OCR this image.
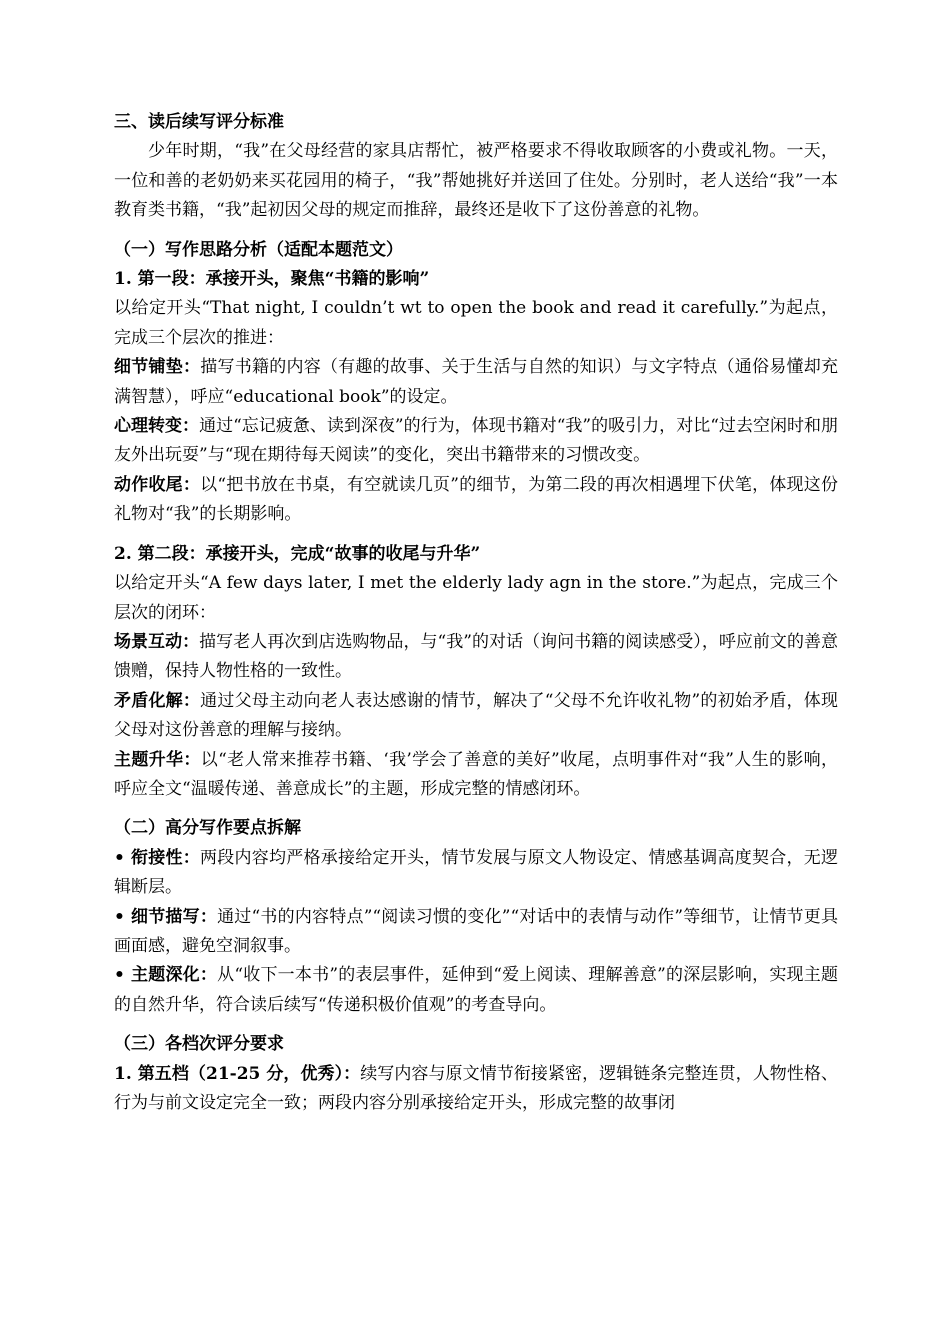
三、读后续写评分标准

少年时期，“我”在父母经营的家具店帮忙，被严格要求不得收取顾客的小费或礼物。一天，一位和善的老奶奶来买花园用的椅子，“我”帮她挑好并送回了住处。分别时，老人送给“我”一本教育类书籍，“我”起初因父母的规定而推辞，最终还是收下了这份善意的礼物。

（一）写作思路分析（适配本题范文）

1. 第一段：承接开头，聚焦“书籍的影响”

以给定开头“That night, I couldn’t wt to open the book and read it carefully.”为起点，完成三个层次的推进：

细节铺垫：描写书籍的内容（有趣的故事、关于生活与自然的知识）与文字特点（通俗易懂却充满智慧），呼应“educational book”的设定。

心理转变：通过“忘记疲惫、读到深夜”的行为，体现书籍对“我”的吸引力，对比“过去空闲时和朋友外出玩耍”与“现在期待每天阅读”的变化，突出书籍带来的习惯改变。

动作收尾：以“把书放在书桌，有空就读几页”的细节，为第二段的再次相遇埋下伏笔，体现这份礼物对“我”的长期影响。

2. 第二段：承接开头，完成“故事的收尾与升华”

以给定开头“A few days later, I met the elderly lady agn in the store.”为起点，完成三个层次的闭环：

场景互动：描写老人再次到店选购物品，与“我”的对话（询问书籍的阅读感受），呼应前文的善意馈赠，保持人物性格的一致性。

矛盾化解：通过父母主动向老人表达感谢的情节，解决了“父母不允许收礼物”的初始矛盾，体现父母对这份善意的理解与接纳。

主题升华：以“老人常来推荐书籍、‘我’学会了善意的美好”收尾，点明事件对“我”人生的影响，呼应全文“温暖传递、善意成长”的主题，形成完整的情感闭环。

（二）高分写作要点拆解

• 衔接性：两段内容均严格承接给定开头，情节发展与原文人物设定、情感基调高度契合，无逻辑断层。

• 细节描写：通过“书的内容特点”“阅读习惯的变化”“对话中的表情与动作”等细节，让情节更具画面感，避免空洞叙事。

• 主题深化：从“收下一本书”的表层事件，延伸到“爱上阅读、理解善意”的深层影响，实现主题的自然升华，符合读后续写“传递积极价值观”的考查导向。

（三）各档次评分要求

1. 第五档（21-25 分，优秀）：续写内容与原文情节衔接紧密，逻辑链条完整连贯，人物性格、行为与前文设定完全一致；两段内容分别承接给定开头，形成完整的故事闭
